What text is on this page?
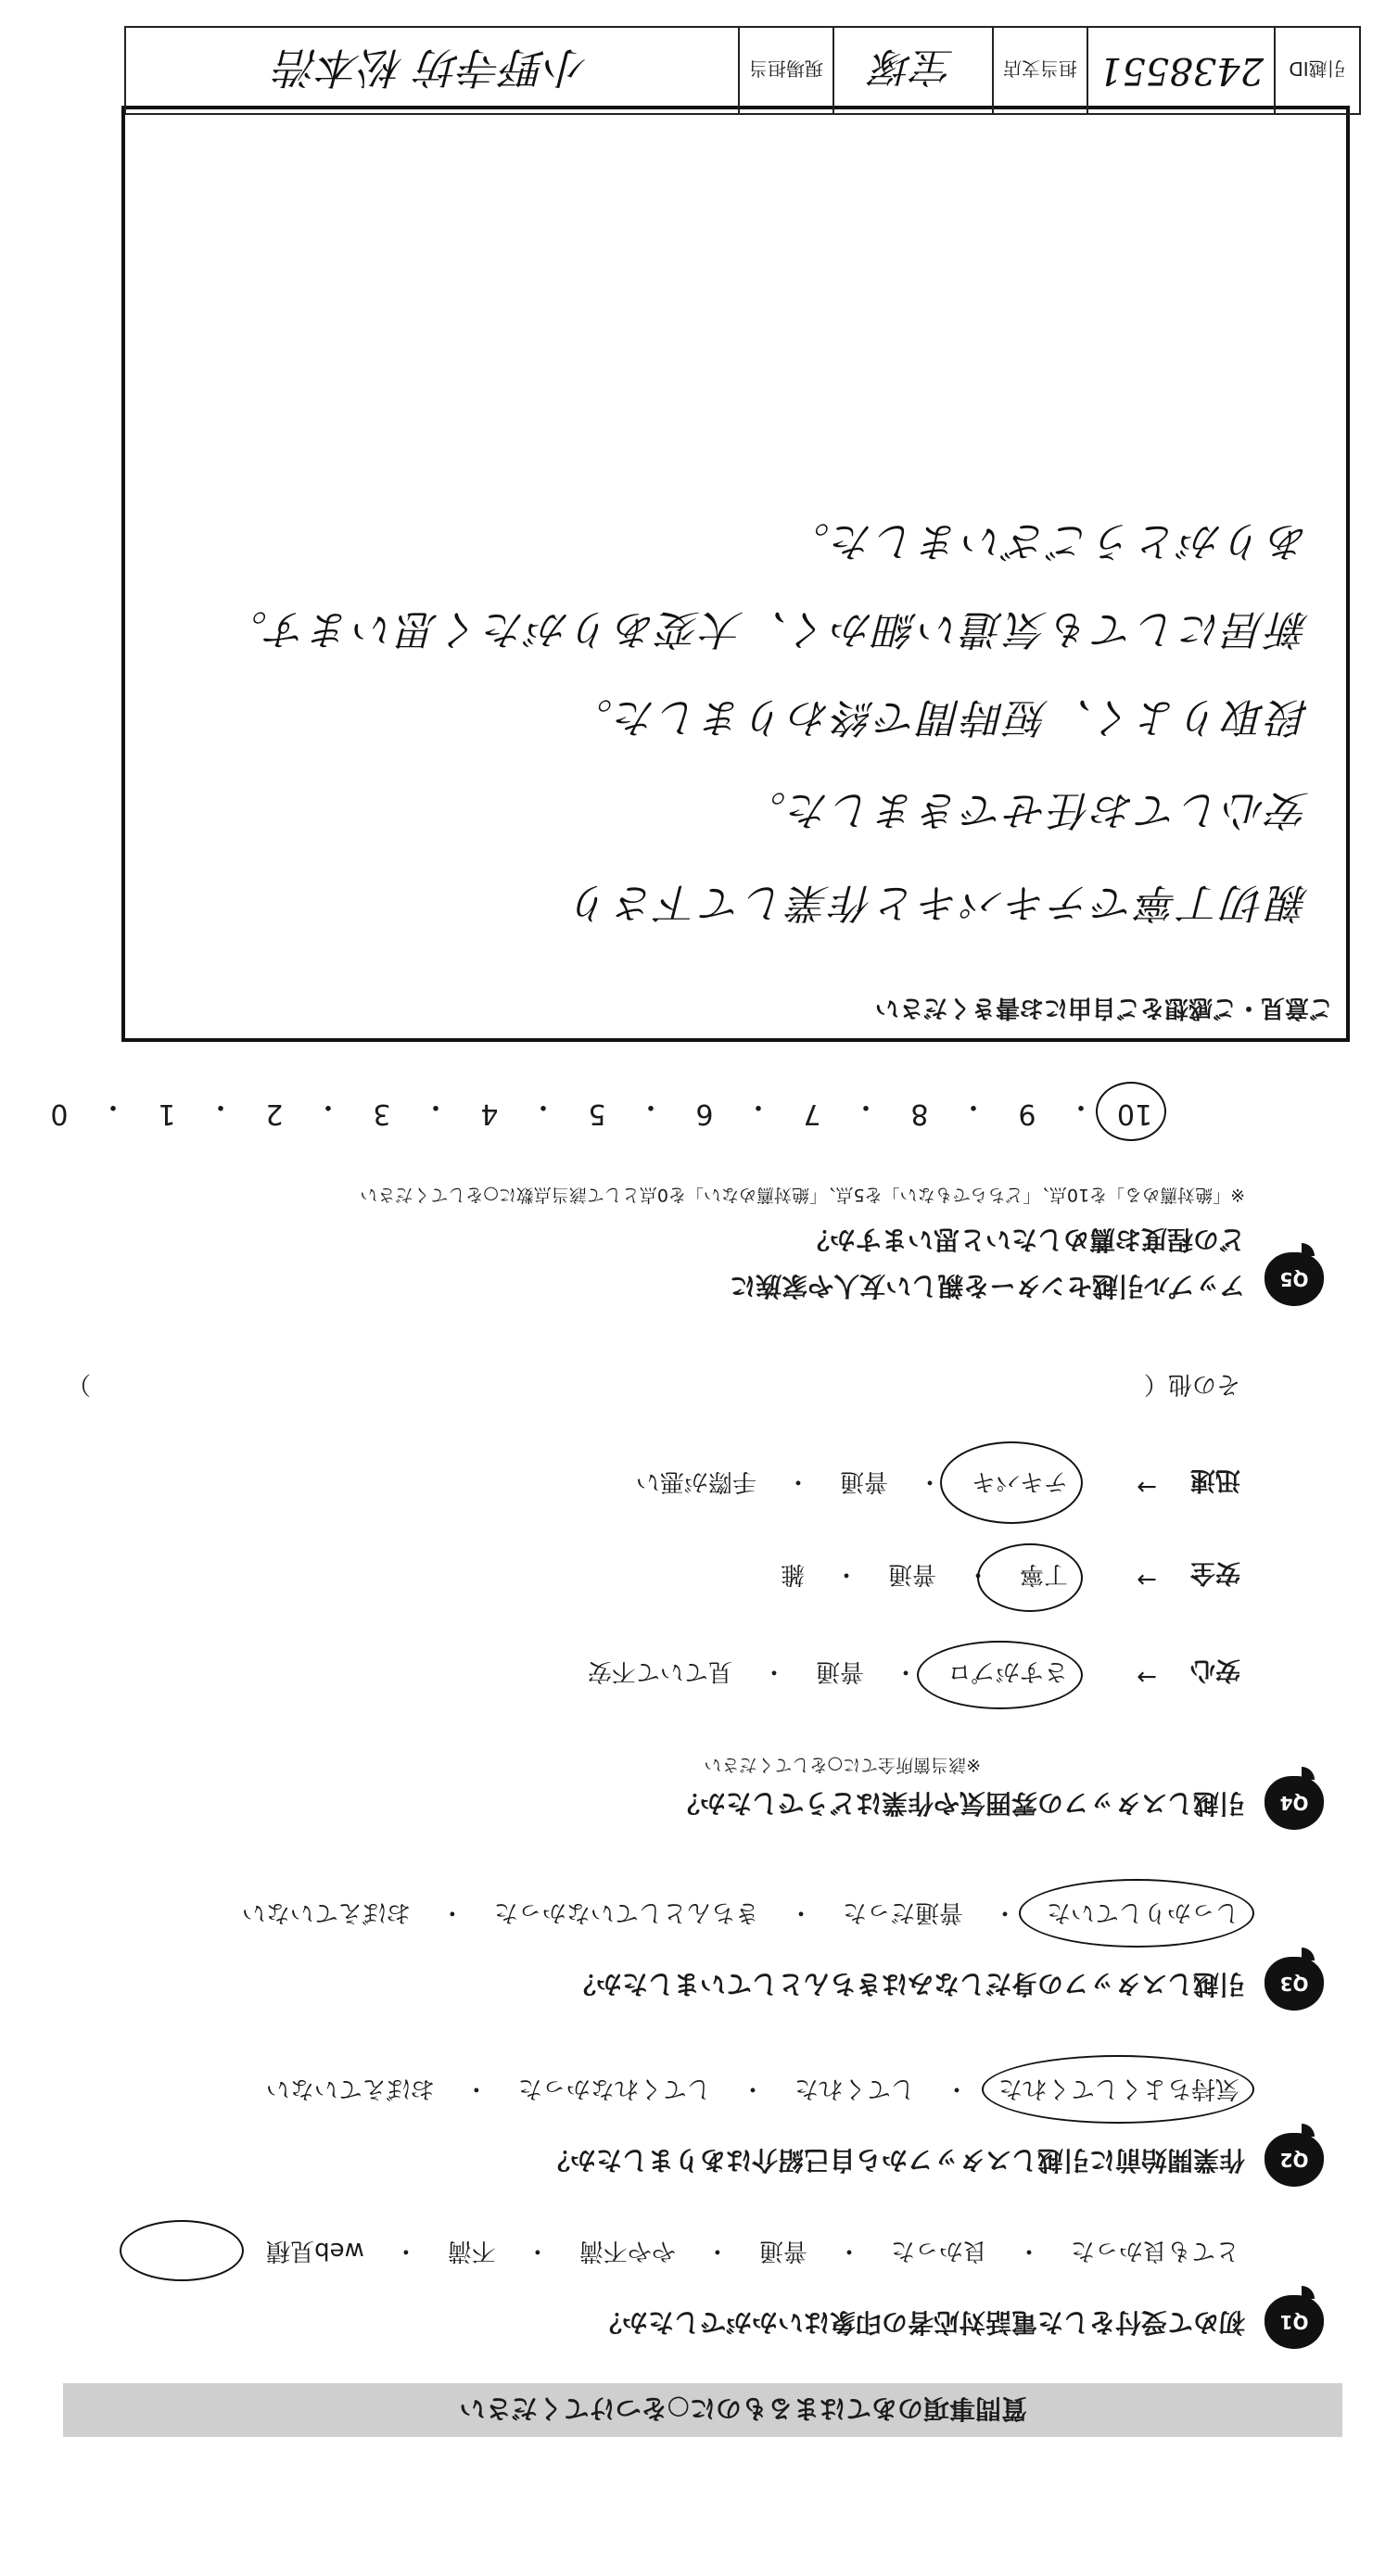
質問事項のあてはまるものに○をつけてください
Q1
初めて受付をした電話対応者の印象はいかがでしたか？
とても良かった
・
良かった
・
普通
・
やや不満
・
不満
・
web見積
Q2
作業開始前に引越しスタッフから自己紹介はありましたか？
気持ちよくしてくれた
・
してくれた
・
してくれなかった
・
おぼえていない
Q3
引越しスタッフの身だしなみはきちんとしていましたか？
しっかりしていた
・
普通だった
・
きちんとしていなかった
・
おぼえていない
Q4
引越しスタッフの雰囲気や作業はどうでしたか？
※該当箇所全てに○をしてください
安心
→
さすがプロ
・
普通
・
見ていて不安
安全
→
丁寧
・
普通
・
雑
迅速
→
テキパキ
・
普通
・
手際が悪い
その他（
）
Q5
アップル引越センターを親しい友人や家族に
どの程度お薦めしたいと思いますか？
※「絶対薦める」を10点、「どちらでもない」を5点、「絶対薦めない」を0点として該当点数に○をしてください
10
・
9
・
8
・
7
・
6
・
5
・
4
・
3
・
2
・
1
・
0
ご意見・ご感想をご自由にお書きください
親切丁寧でテキパキと作業して下さり
安心してお任せできました。
段取りよく、短時間で終わりました。
新居にしても気遣い細かく、大変ありがたく思います。
ありがとうございました。
引越ID
2438551
担当支店
宝塚
現場担当
小野寺坊 松本浩
